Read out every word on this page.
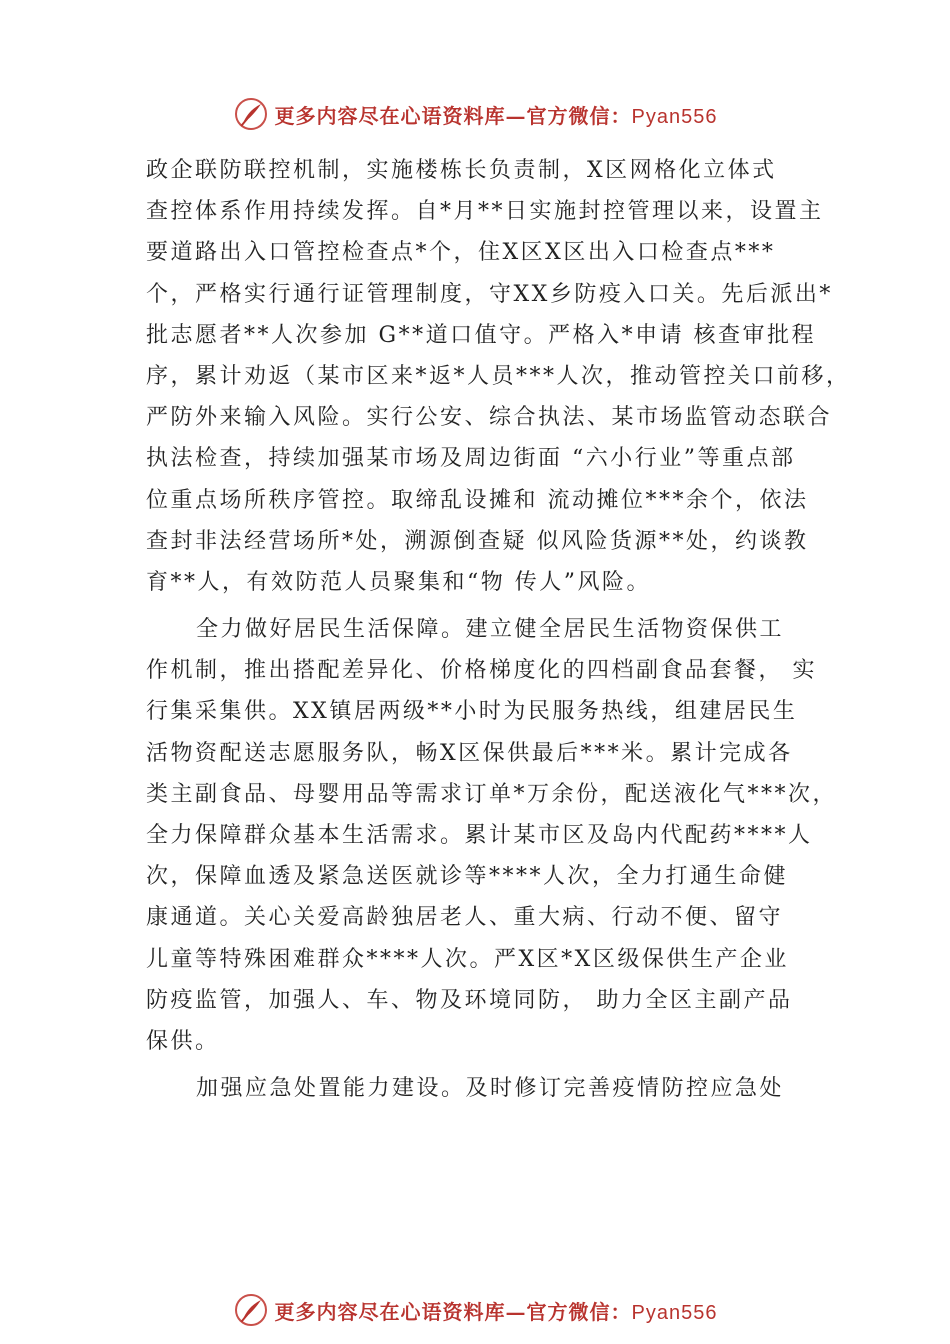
更多内容尽在心语资料库—官方微信：Pyan556
政企联防联控机制，实施楼栋长负责制，X区网格化立体式
查控体系作用持续发挥。自*月**日实施封控管理以来，设置主
要道路出入口管控检查点*个，住X区X区出入口检查点***
个，严格实行通行证管理制度，守XX乡防疫入口关。先后派出*
批志愿者**人次参加 G**道口值守。严格入*申请 核查审批程
序，累计劝返（某市区来*返*人员***人次，推动管控关口前移，
严防外来输入风险。实行公安、综合执法、某市场监管动态联合
执法检查，持续加强某市场及周边街面 “六小行业”等重点部
位重点场所秩序管控。取缔乱设摊和 流动摊位***余个，依法
查封非法经营场所*处，溯源倒查疑 似风险货源**处，约谈教
育**人，有效防范人员聚集和“物 传人”风险。
全力做好居民生活保障。建立健全居民生活物资保供工
作机制，推出搭配差异化、价格梯度化的四档副食品套餐， 实
行集采集供。XX镇居两级**小时为民服务热线，组建居民生
活物资配送志愿服务队，畅X区保供最后***米。累计完成各
类主副食品、母婴用品等需求订单*万余份，配送液化气***次，
全力保障群众基本生活需求。累计某市区及岛内代配药****人
次，保障血透及紧急送医就诊等****人次，全力打通生命健
康通道。关心关爱高龄独居老人、重大病、行动不便、留守
儿童等特殊困难群众****人次。严X区*X区级保供生产企业
防疫监管，加强人、车、物及环境同防， 助力全区主副产品
保供。
加强应急处置能力建设。及时修订完善疫情防控应急处
更多内容尽在心语资料库—官方微信：Pyan556
